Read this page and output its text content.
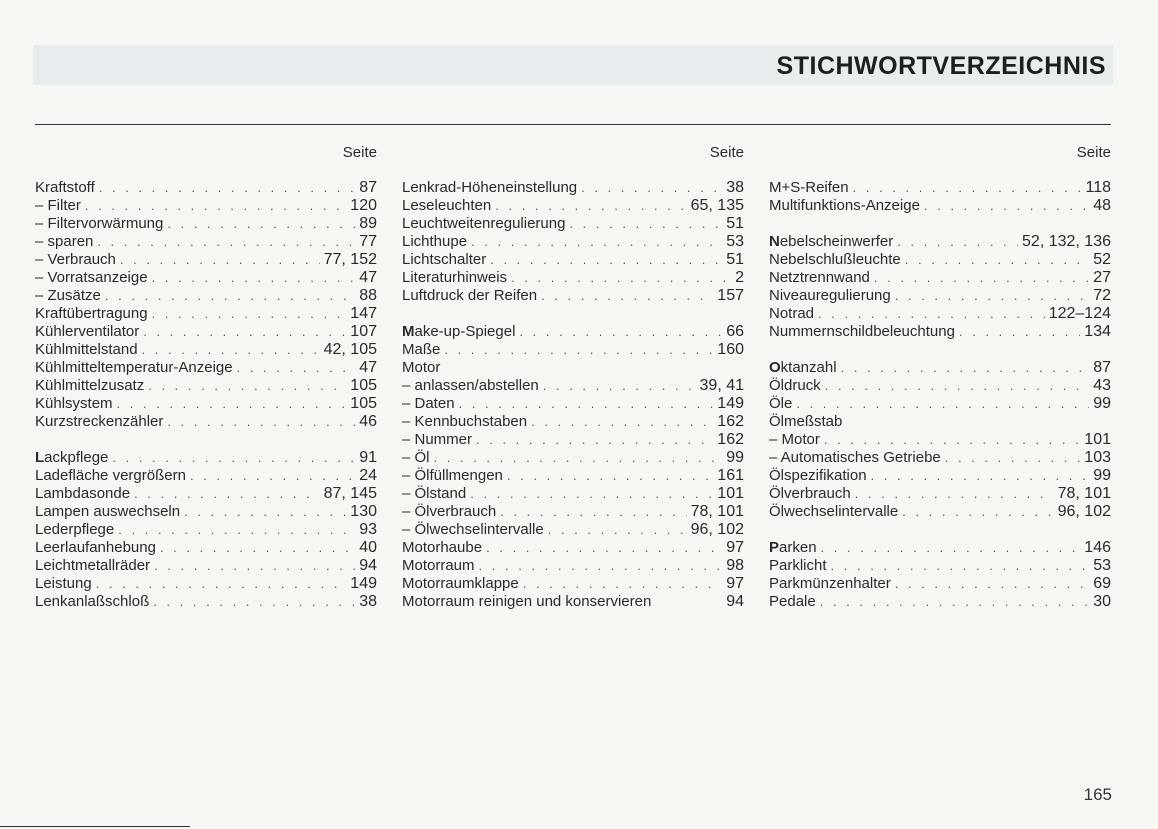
STICHWORTVERZEICHNIS
Seite
Kraftstoff . . .	87
– Filter . . .	120
– Filtervorwärmung . . .	89
– sparen . . .	77
– Verbrauch . . .	77, 152
– Vorratsanzeige . . .	47
– Zusätze . . .	88
Kraftübertragung . . .	147
Kühlerventilator . . .	107
Kühlmittelstand . . .	42, 105
Kühlmitteltemperatur-Anzeige . . .	47
Kühlmittelzusatz . . .	105
Kühlsystem . . .	105
Kurzstreckenzähler . . .	46
Lackpflege . . .	91
Ladefläche vergrößern . . .	24
Lambdasonde . . .	87, 145
Lampen auswechseln . . .	130
Lederpflege . . .	93
Leerlaufanhebung . . .	40
Leichtmetallräder . . .	94
Leistung . . .	149
Lenkanlaßschloß . . .	38
Seite
Lenkrad-Höheneinstellung . . .	38
Leseleuchten . . .	65, 135
Leuchtweitenregulierung . . .	51
Lichthupe . . .	53
Lichtschalter . . .	51
Literaturhinweis . . .	2
Luftdruck der Reifen . . .	157
Make-up-Spiegel . . .	66
Maße . . .	160
Motor
– anlassen/abstellen . . .	39, 41
– Daten . . .	149
– Kennbuchstaben . . .	162
– Nummer . . .	162
– Öl . . .	99
– Ölfüllmengen . . .	161
– Ölstand . . .	101
– Ölverbrauch . . .	78, 101
– Ölwechselintervalle . . .	96, 102
Motorhaube . . .	97
Motorraum . . .	98
Motorraumklappe . . .	97
Motorraum reinigen und konservieren	94
Seite
M+S-Reifen . . .	118
Multifunktions-Anzeige . . .	48
Nebelscheinwerfer . . .	52, 132, 136
Nebelschlußleuchte . . .	52
Netztrennwand . . .	27
Niveauregulierung . . .	72
Notrad . . .	122–124
Nummernschildbeleuchtung . . .	134
Oktanzahl . . .	87
Öldruck . . .	43
Öle . . .	99
Ölmeßstab
– Motor . . .	101
– Automatisches Getriebe . . .	103
Ölspezifikation . . .	99
Ölverbrauch . . .	78, 101
Ölwechselintervalle . . .	96, 102
Parken . . .	146
Parklicht . . .	53
Parkmünzenhalter . . .	69
Pedale . . .	30
165
